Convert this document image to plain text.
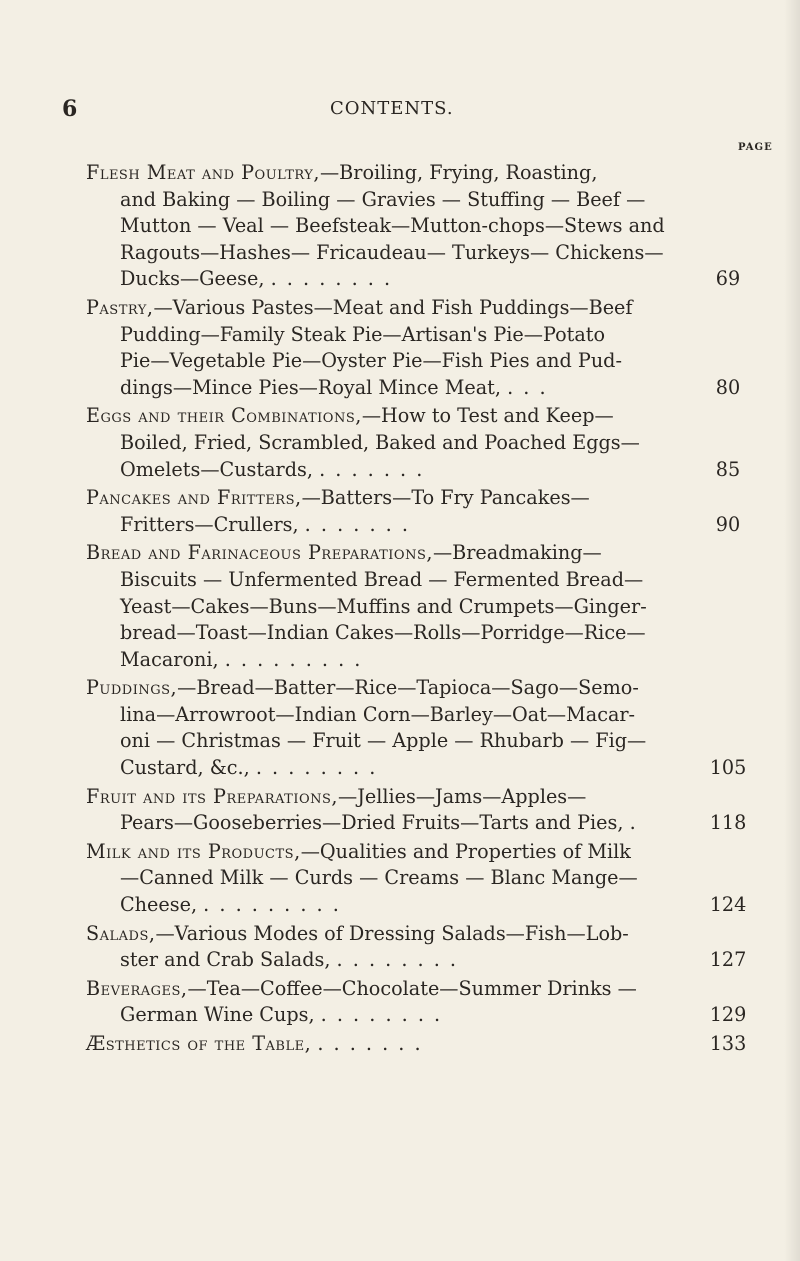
6	CONTENTS.
PAGE
Flesh Meat and Poultry,—Broiling, Frying, Roasting,
and Baking — Boiling — Gravies — Stuffing — Beef —
Mutton — Veal — Beefsteak—Mutton-chops—Stews and
Ragouts—Hashes— Fricaudeau— Turkeys— Chickens—
Ducks—Geese, . . . . . . . .	69
Pastry,—Various Pastes—Meat and Fish Puddings—Beef
Pudding—Family Steak Pie—Artisan's Pie—Potato
Pie—Vegetable Pie—Oyster Pie—Fish Pies and Pud-
dings—Mince Pies—Royal Mince Meat, . . .	80
Eggs and their Combinations,—How to Test and Keep—
Boiled, Fried, Scrambled, Baked and Poached Eggs—
Omelets—Custards, . . . . . . .	85
Pancakes and Fritters,—Batters—To Fry Pancakes—
Fritters—Crullers, . . . . . . .	90
Bread and Farinaceous Preparations,—Breadmaking—
Biscuits — Unfermented Bread — Fermented Bread—
Yeast—Cakes—Buns—Muffins and Crumpets—Ginger-
bread—Toast—Indian Cakes—Rolls—Porridge—Rice—
Macaroni, . . . . . . . . .
Puddings,—Bread—Batter—Rice—Tapioca—Sago—Semo-
lina—Arrowroot—Indian Corn—Barley—Oat—Macar-
oni — Christmas — Fruit — Apple — Rhubarb — Fig—
Custard, &c., . . . . . . . .	105
Fruit and its Preparations,—Jellies—Jams—Apples—
Pears—Gooseberries—Dried Fruits—Tarts and Pies, .	118
Milk and its Products,—Qualities and Properties of Milk
—Canned Milk — Curds — Creams — Blanc Mange—
Cheese, . . . . . . . . .	124
Salads,—Various Modes of Dressing Salads—Fish—Lob-
ster and Crab Salads, . . . . . . . .	127
Beverages,—Tea—Coffee—Chocolate—Summer Drinks —
German Wine Cups, . . . . . . . .	129
Æsthetics of the Table, . . . . . . .	133
